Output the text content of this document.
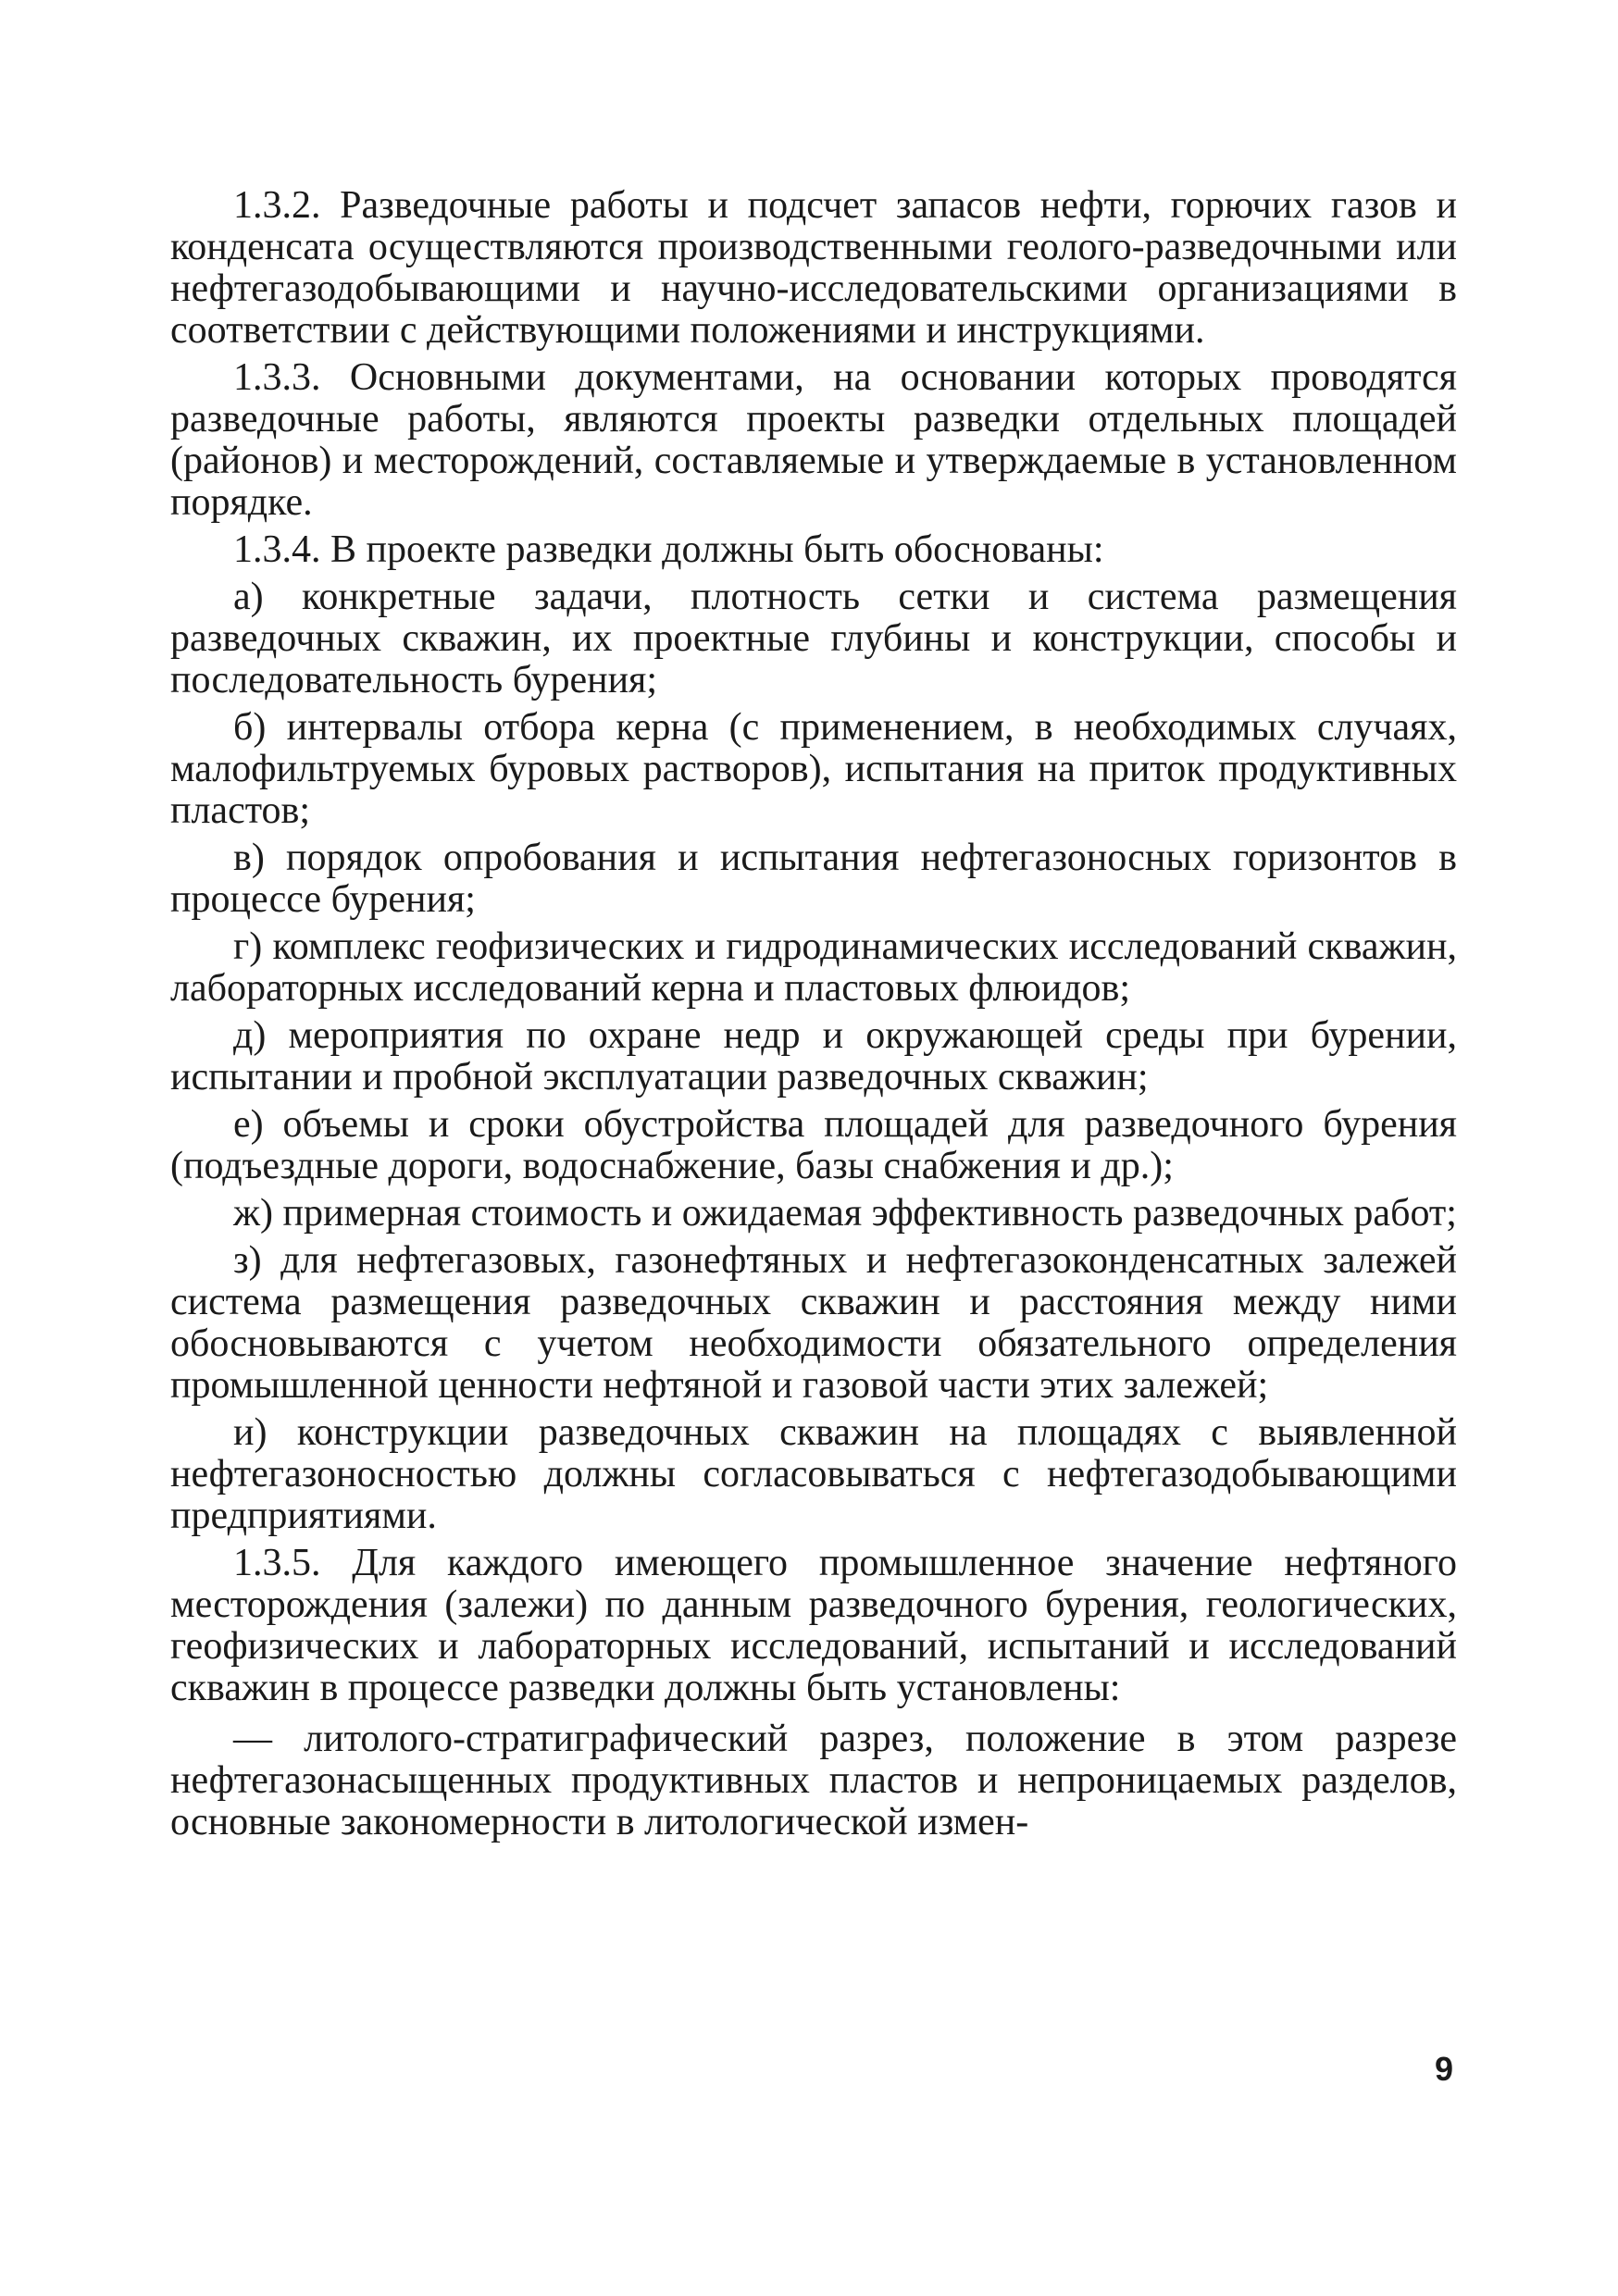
1.3.2. Разведочные работы и подсчет запасов нефти, горючих газов и конденсата осуществляются производственными геолого-разведочными или нефтегазодобывающими и научно-исследовательскими организациями в соответствии с действующими положениями и инструкциями.

1.3.3. Основными документами, на основании которых проводятся разведочные работы, являются проекты разведки отдельных площадей (районов) и месторождений, составляемые и утверждаемые в установленном порядке.

1.3.4. В проекте разведки должны быть обоснованы:

а) конкретные задачи, плотность сетки и система размещения разведочных скважин, их проектные глубины и конструкции, способы и последовательность бурения;

б) интервалы отбора керна (с применением, в необходимых случаях, малофильтруемых буровых растворов), испытания на приток продуктивных пластов;

в) порядок опробования и испытания нефтегазоносных горизонтов в процессе бурения;

г) комплекс геофизических и гидродинамических исследований скважин, лабораторных исследований керна и пластовых флюидов;

д) мероприятия по охране недр и окружающей среды при бурении, испытании и пробной эксплуатации разведочных скважин;

е) объемы и сроки обустройства площадей для разведочного бурения (подъездные дороги, водоснабжение, базы снабжения и др.);

ж) примерная стоимость и ожидаемая эффективность разведочных работ;

з) для нефтегазовых, газонефтяных и нефтегазоконденсатных залежей система размещения разведочных скважин и расстояния между ними обосновываются с учетом необходимости обязательного определения промышленной ценности нефтяной и газовой части этих залежей;

и) конструкции разведочных скважин на площадях с выявленной нефтегазоносностью должны согласовываться с нефтегазодобывающими предприятиями.

1.3.5. Для каждого имеющего промышленное значение нефтяного месторождения (залежи) по данным разведочного бурения, геологических, геофизических и лабораторных исследований, испытаний и исследований скважин в процессе разведки должны быть установлены:

— литолого-стратиграфический разрез, положение в этом разрезе нефтегазонасыщенных продуктивных пластов и непроницаемых разделов, основные закономерности в литологической измен-

9
